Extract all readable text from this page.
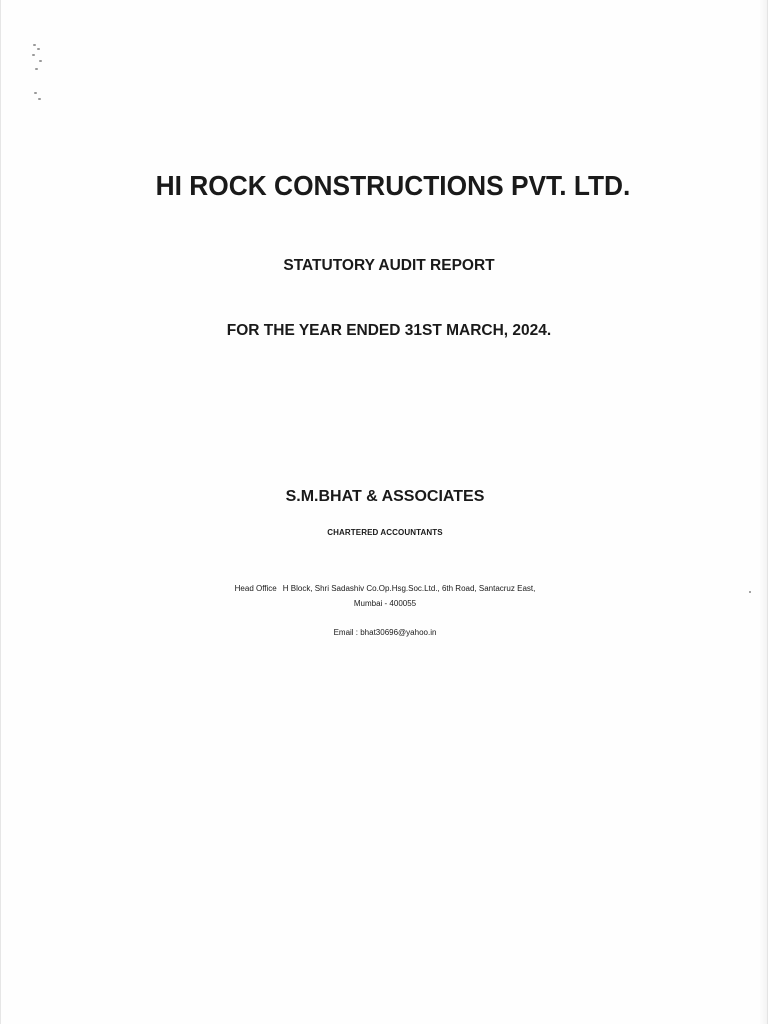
HI ROCK CONSTRUCTIONS PVT. LTD.
STATUTORY AUDIT REPORT
FOR THE YEAR ENDED 31ST MARCH, 2024.
S.M.BHAT & ASSOCIATES
CHARTERED ACCOUNTANTS
Head Office H Block, Shri Sadashiv Co.Op.Hsg.Soc.Ltd., 6th Road, Santacruz East,
Mumbai - 400055
Email : bhat30696@yahoo.in
